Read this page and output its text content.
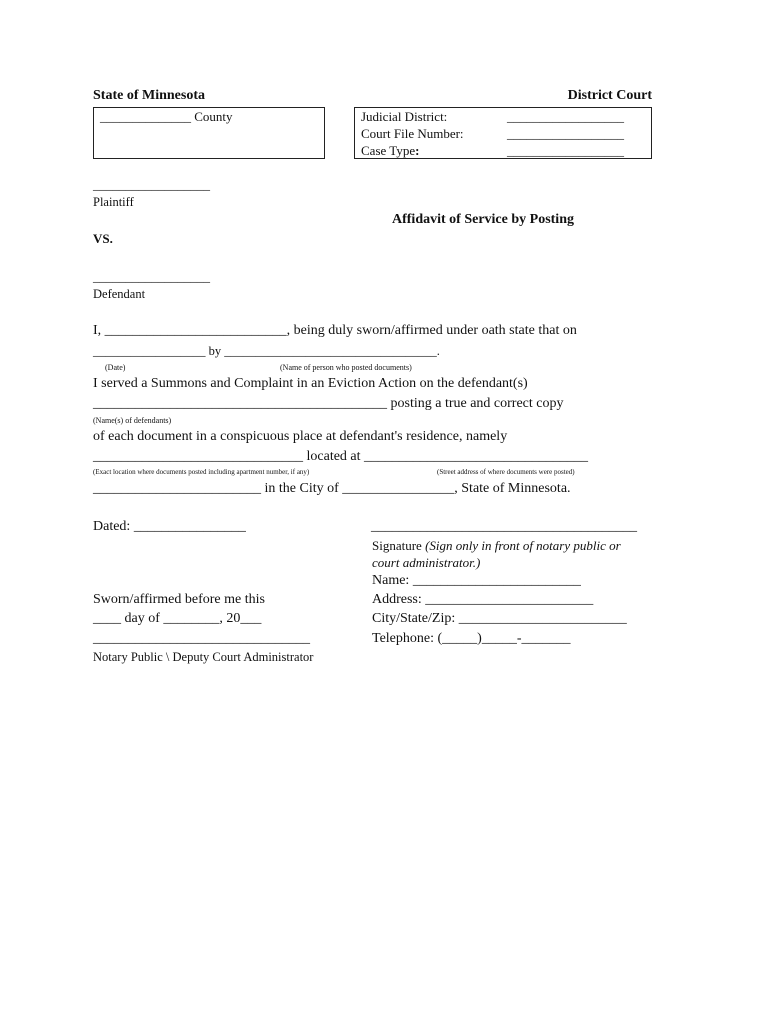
State of Minnesota	District Court
______________ County	Judicial District:	__________________
Court File Number:	__________________
Case Type:	__________________
__________________
Plaintiff
Affidavit of Service by Posting
VS.
__________________
Defendant
I, __________________________, being duly sworn/affirmed under oath state that on
__________________ by __________________________________.
(Date)	(Name of person who posted documents)
I served a Summons and Complaint in an Eviction Action on the defendant(s)
__________________________________________ posting a true and correct copy
(Name(s) of defendants)
of each document in a conspicuous place at defendant's residence, namely
______________________________ located at ________________________________
(Exact location where documents posted including apartment number, if any)	(Street address of where documents were posted)
________________________ in the City of ________________, State of Minnesota.
Dated: ________________	______________________________________
Signature (Sign only in front of notary public or
court administrator.)
Name: ________________________
Address: ________________________
City/State/Zip: ________________________
Telephone: (_____)_____-_______
Sworn/affirmed before me this
____ day of ________, 20___
_______________________________
Notary Public \ Deputy Court Administrator
